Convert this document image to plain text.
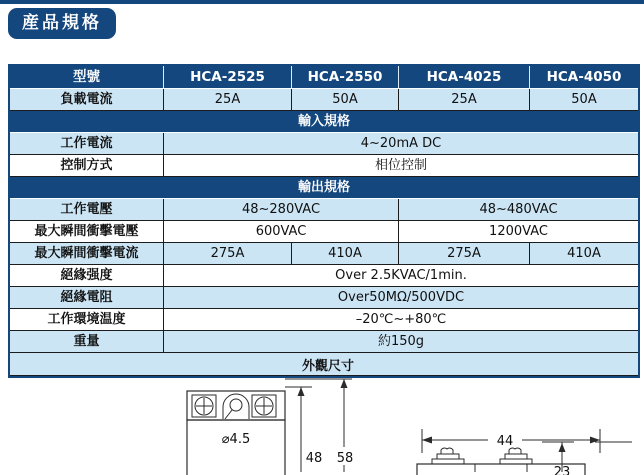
産品規格
型號	HCA-2525	HCA-2550	HCA-4025	HCA-4050
負載電流	25A	50A	25A	50A
輸入規格				
工作電流	4~20mA DC			
控制方式	相位控制			
輸出規格				
工作電壓	48~280VAC		48~480VAC	
最大瞬間衝擊電壓	600VAC		1200VAC	
最大瞬間衝擊電流	275A	410A	275A	410A
絕緣强度	Over 2.5KVAC/1min.			
絕緣電阻	Over50MΩ/500VDC			
工作環境温度	–20℃~+80℃			
重量	約150g			

外觀尺寸
⌀4.5
48 58
44
23
